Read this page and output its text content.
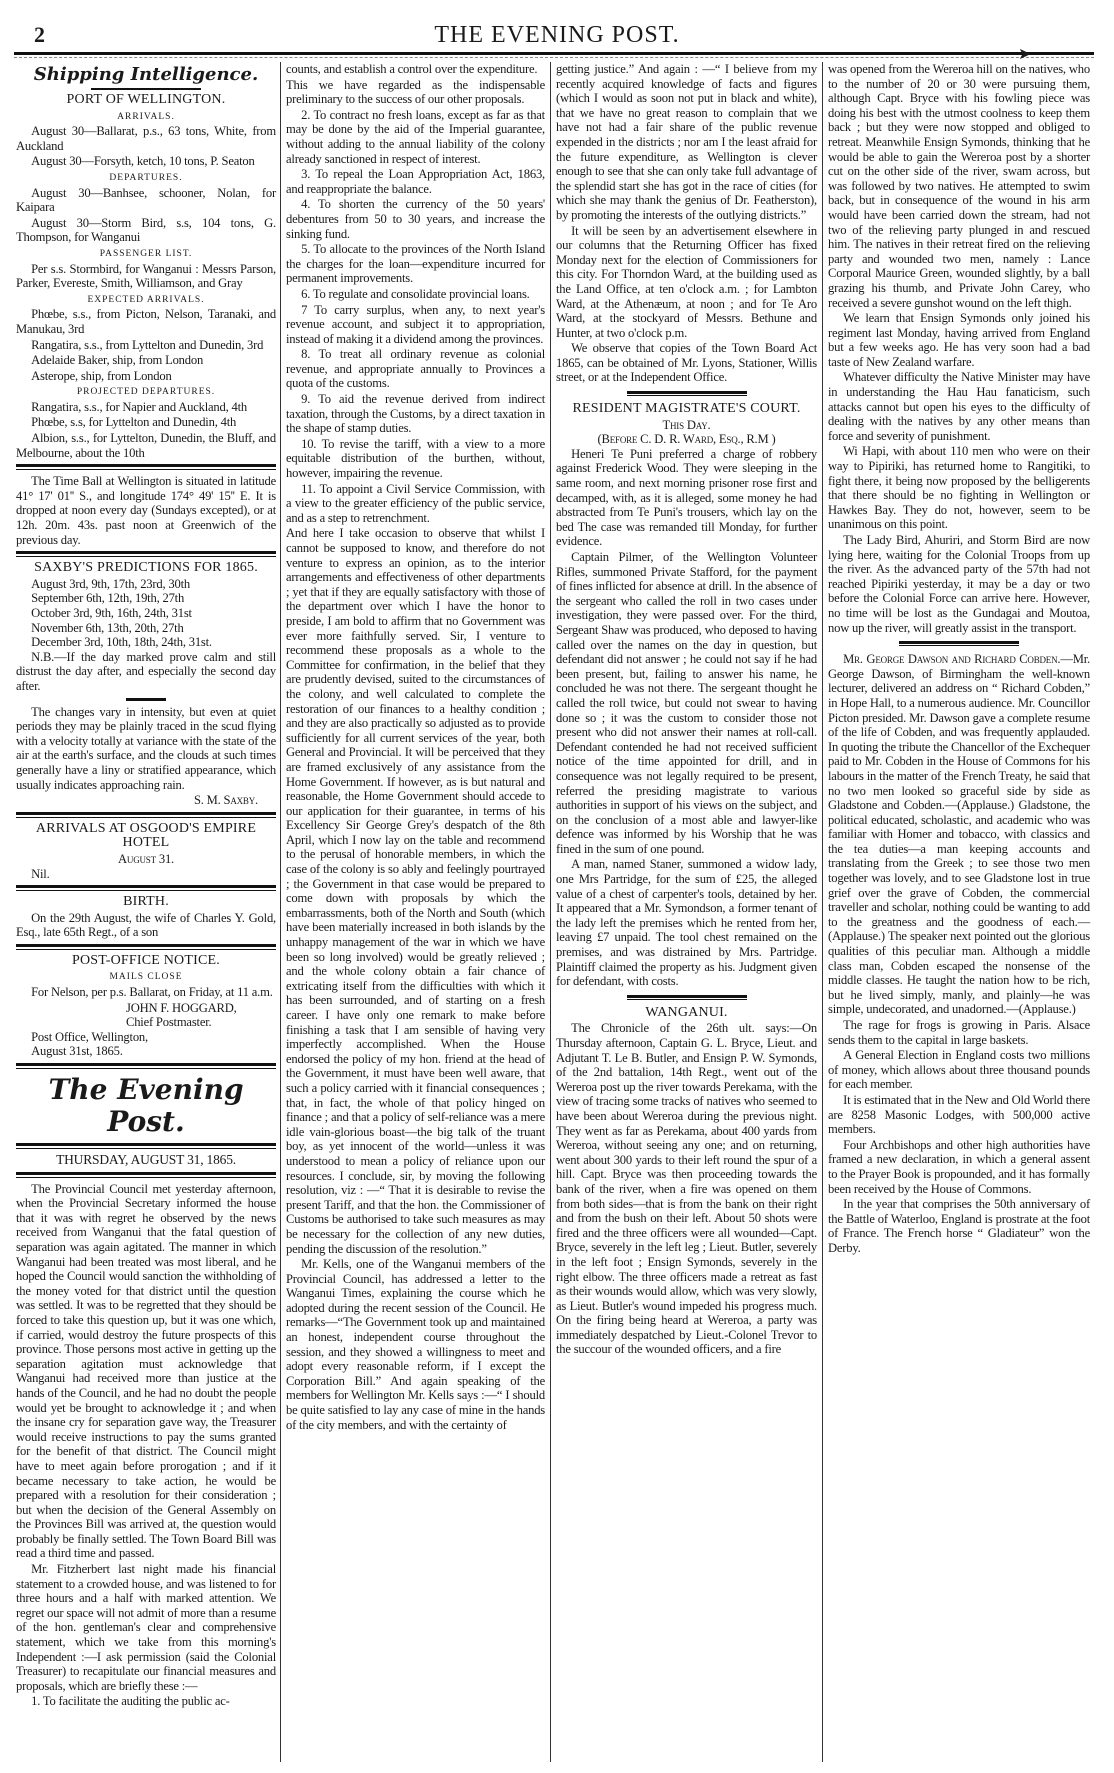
2	THE EVENING POST.
➤
Shipping Intelligence.
PORT OF WELLINGTON.
ARRIVALS.

August 30—Ballarat, p.s., 63 tons, White, from Auckland

August 30—Forsyth, ketch, 10 tons, P. Seaton

DEPARTURES.

August 30—Banhsee, schooner, Nolan, for Kaipara

August 30—Storm Bird, s.s, 104 tons, G. Thompson, for Wanganui

PASSENGER LIST.

Per s.s. Stormbird, for Wanganui : Messrs Parson, Parker, Evereste, Smith, Williamson, and Gray

EXPECTED ARRIVALS.

Phœbe, s.s., from Picton, Nelson, Taranaki, and Manukau, 3rd

Rangatira, s.s., from Lyttelton and Dunedin, 3rd

Adelaide Baker, ship, from London

Asterope, ship, from London

PROJECTED DEPARTURES.

Rangatira, s.s., for Napier and Auckland, 4th

Phœbe, s.s, for Lyttelton and Dunedin, 4th

Albion, s.s., for Lyttelton, Dunedin, the Bluff, and Melbourne, about the 10th

The Time Ball at Wellington is situated in latitude 41° 17' 01'' S., and longitude 174° 49' 15'' E. It is dropped at noon every day (Sundays excepted), or at 12h. 20m. 43s. past noon at Greenwich of the previous day.

SAXBY'S PREDICTIONS FOR 1865.
August 3rd, 9th, 17th, 23rd, 30th
September 6th, 12th, 19th, 27th
October 3rd, 9th, 16th, 24th, 31st
November 6th, 13th, 20th, 27th
December 3rd, 10th, 18th, 24th, 31st.

N.B.—If the day marked prove calm and still distrust the day after, and especially the second day after.

The changes vary in intensity, but even at quiet periods they may be plainly traced in the scud flying with a velocity totally at variance with the state of the air at the earth's surface, and the clouds at such times generally have a liny or stratified appearance, which usually indicates approaching rain.

S. M. Saxby.
ARRIVALS AT OSGOOD'S EMPIRE HOTEL
August 31.

Nil.

BIRTH.

On the 29th August, the wife of Charles Y. Gold, Esq., late 65th Regt., of a son

POST-OFFICE NOTICE.
MAILS CLOSE

For Nelson, per p.s. Ballarat, on Friday, at 11 a.m.

JOHN F. HOGGARD,
Chief Postmaster.
Post Office, Wellington,
August 31st, 1865.
The Evening Post.
THURSDAY, AUGUST 31, 1865.

The Provincial Council met yesterday afternoon, when the Provincial Secretary informed the house that it was with regret he observed by the news received from Wanganui that the fatal question of separation was again agitated. The manner in which Wanganui had been treated was most liberal, and he hoped the Council would sanction the withholding of the money voted for that district until the question was settled. It was to be regretted that they should be forced to take this question up, but it was one which, if carried, would destroy the future prospects of this province. Those persons most active in getting up the separation agitation must acknowledge that Wanganui had received more than justice at the hands of the Council, and he had no doubt the people would yet be brought to acknowledge it ; and when the insane cry for separation gave way, the Treasurer would receive instructions to pay the sums granted for the benefit of that district. The Council might have to meet again before prorogation ; and if it became necessary to take action, he would be prepared with a resolution for their consideration ; but when the decision of the General Assembly on the Provinces Bill was arrived at, the question would probably be finally settled. The Town Board Bill was read a third time and passed.

Mr. Fitzherbert last night made his financial statement to a crowded house, and was listened to for three hours and a half with marked attention. We regret our space will not admit of more than a resume of the hon. gentleman's clear and comprehensive statement, which we take from this morning's Independent :—I ask permission (said the Colonial Treasurer) to recapitulate our financial measures and proposals, which are briefly these :—

1. To facilitate the auditing the public ac-

counts, and establish a control over the expenditure.

This we have regarded as the indispensable preliminary to the success of our other proposals.

2. To contract no fresh loans, except as far as that may be done by the aid of the Imperial guarantee, without adding to the annual liability of the colony already sanctioned in respect of interest.

3. To repeal the Loan Appropriation Act, 1863, and reappropriate the balance.

4. To shorten the currency of the 50 years' debentures from 50 to 30 years, and increase the sinking fund.

5. To allocate to the provinces of the North Island the charges for the loan—expenditure incurred for permanent improvements.

6. To regulate and consolidate provincial loans.

7 To carry surplus, when any, to next year's revenue account, and subject it to appropriation, instead of making it a dividend among the provinces.

8. To treat all ordinary revenue as colonial revenue, and appropriate annually to Provinces a quota of the customs.

9. To aid the revenue derived from indirect taxation, through the Customs, by a direct taxation in the shape of stamp duties.

10. To revise the tariff, with a view to a more equitable distribution of the burthen, without, however, impairing the revenue.

11. To appoint a Civil Service Commission, with a view to the greater efficiency of the public service, and as a step to retrenchment.

And here I take occasion to observe that whilst I cannot be supposed to know, and therefore do not venture to express an opinion, as to the interior arrangements and effectiveness of other departments ; yet that if they are equally satisfactory with those of the department over which I have the honor to preside, I am bold to affirm that no Government was ever more faithfully served. Sir, I venture to recommend these proposals as a whole to the Committee for confirmation, in the belief that they are prudently devised, suited to the circumstances of the colony, and well calculated to complete the restoration of our finances to a healthy condition ; and they are also practically so adjusted as to provide sufficiently for all current services of the year, both General and Provincial. It will be perceived that they are framed exclusively of any assistance from the Home Government. If however, as is but natural and reasonable, the Home Government should accede to our application for their guarantee, in terms of his Excellency Sir George Grey's despatch of the 8th April, which I now lay on the table and recommend to the perusal of honorable members, in which the case of the colony is so ably and feelingly pourtrayed ; the Government in that case would be prepared to come down with proposals by which the embarrassments, both of the North and South (which have been materially increased in both islands by the unhappy management of the war in which we have been so long involved) would be greatly relieved ; and the whole colony obtain a fair chance of extricating itself from the difficulties with which it has been surrounded, and of starting on a fresh career. I have only one remark to make before finishing a task that I am sensible of having very imperfectly accomplished. When the House endorsed the policy of my hon. friend at the head of the Government, it must have been well aware, that such a policy carried with it financial consequences ; that, in fact, the whole of that policy hinged on finance ; and that a policy of self-reliance was a mere idle vain-glorious boast—the big talk of the truant boy, as yet innocent of the world—unless it was understood to mean a policy of reliance upon our resources. I conclude, sir, by moving the following resolution, viz : —“ That it is desirable to revise the present Tariff, and that the hon. the Commissioner of Customs be authorised to take such measures as may be necessary for the collection of any new duties, pending the discussion of the resolution.”

Mr. Kells, one of the Wanganui members of the Provincial Council, has addressed a letter to the Wanganui Times, explaining the course which he adopted during the recent session of the Council. He remarks—“The Government took up and maintained an honest, independent course throughout the session, and they showed a willingness to meet and adopt every reasonable reform, if I except the Corporation Bill.” And again speaking of the members for Wellington Mr. Kells says :—“ I should be quite satisfied to lay any case of mine in the hands of the city members, and with the certainty of

getting justice.” And again : —“ I believe from my recently acquired knowledge of facts and figures (which I would as soon not put in black and white), that we have no great reason to complain that we have not had a fair share of the public revenue expended in the districts ; nor am I the least afraid for the future expenditure, as Wellington is clever enough to see that she can only take full advantage of the splendid start she has got in the race of cities (for which she may thank the genius of Dr. Featherston), by promoting the interests of the outlying districts.”

It will be seen by an advertisement elsewhere in our columns that the Returning Officer has fixed Monday next for the election of Commissioners for this city. For Thorndon Ward, at the building used as the Land Office, at ten o'clock a.m. ; for Lambton Ward, at the Athenæum, at noon ; and for Te Aro Ward, at the stockyard of Messrs. Bethune and Hunter, at two o'clock p.m.

We observe that copies of the Town Board Act 1865, can be obtained of Mr. Lyons, Stationer, Willis street, or at the Independent Office.

RESIDENT MAGISTRATE'S COURT.
This Day.
(Before C. D. R. Ward, Esq., R.M )

Heneri Te Puni preferred a charge of robbery against Frederick Wood. They were sleeping in the same room, and next morning prisoner rose first and decamped, with, as it is alleged, some money he had abstracted from Te Puni's trousers, which lay on the bed The case was remanded till Monday, for further evidence.

Captain Pilmer, of the Wellington Volunteer Rifles, summoned Private Stafford, for the payment of fines inflicted for absence at drill. In the absence of the sergeant who called the roll in two cases under investigation, they were passed over. For the third, Sergeant Shaw was produced, who deposed to having called over the names on the day in question, but defendant did not answer ; he could not say if he had been present, but, failing to answer his name, he concluded he was not there. The sergeant thought he called the roll twice, but could not swear to having done so ; it was the custom to consider those not present who did not answer their names at roll-call. Defendant contended he had not received sufficient notice of the time appointed for drill, and in consequence was not legally required to be present, referred the presiding magistrate to various authorities in support of his views on the subject, and on the conclusion of a most able and lawyer-like defence was informed by his Worship that he was fined in the sum of one pound.

A man, named Staner, summoned a widow lady, one Mrs Partridge, for the sum of £25, the alleged value of a chest of carpenter's tools, detained by her. It appeared that a Mr. Symondson, a former tenant of the lady left the premises which he rented from her, leaving £7 unpaid. The tool chest remained on the premises, and was distrained by Mrs. Partridge. Plaintiff claimed the property as his. Judgment given for defendant, with costs.

WANGANUI.

The Chronicle of the 26th ult. says:—On Thursday afternoon, Captain G. L. Bryce, Lieut. and Adjutant T. Le B. Butler, and Ensign P. W. Symonds, of the 2nd battalion, 14th Regt., went out of the Wereroa post up the river towards Perekama, with the view of tracing some tracks of natives who seemed to have been about Wereroa during the previous night. They went as far as Perekama, about 400 yards from Wereroa, without seeing any one; and on returning, went about 300 yards to their left round the spur of a hill. Capt. Bryce was then proceeding towards the bank of the river, when a fire was opened on them from both sides—that is from the bank on their right and from the bush on their left. About 50 shots were fired and the three officers were all wounded—Capt. Bryce, severely in the left leg ; Lieut. Butler, severely in the left foot ; Ensign Symonds, severely in the right elbow. The three officers made a retreat as fast as their wounds would allow, which was very slowly, as Lieut. Butler's wound impeded his progress much. On the firing being heard at Wereroa, a party was immediately despatched by Lieut.-Colonel Trevor to the succour of the wounded officers, and a fire

was opened from the Wereroa hill on the natives, who to the number of 20 or 30 were pursuing them, although Capt. Bryce with his fowling piece was doing his best with the utmost coolness to keep them back ; but they were now stopped and obliged to retreat. Meanwhile Ensign Symonds, thinking that he would be able to gain the Wereroa post by a shorter cut on the other side of the river, swam across, but was followed by two natives. He attempted to swim back, but in consequence of the wound in his arm would have been carried down the stream, had not two of the relieving party plunged in and rescued him. The natives in their retreat fired on the relieving party and wounded two men, namely : Lance Corporal Maurice Green, wounded slightly, by a ball grazing his thumb, and Private John Carey, who received a severe gunshot wound on the left thigh.

We learn that Ensign Symonds only joined his regiment last Monday, having arrived from England but a few weeks ago. He has very soon had a bad taste of New Zealand warfare.

Whatever difficulty the Native Minister may have in understanding the Hau Hau fanaticism, such attacks cannot but open his eyes to the difficulty of dealing with the natives by any other means than force and severity of punishment.

Wi Hapi, with about 110 men who were on their way to Pipiriki, has returned home to Rangitiki, to fight there, it being now proposed by the belligerents that there should be no fighting in Wellington or Hawkes Bay. They do not, however, seem to be unanimous on this point.

The Lady Bird, Ahuriri, and Storm Bird are now lying here, waiting for the Colonial Troops from up the river. As the advanced party of the 57th had not reached Pipiriki yesterday, it may be a day or two before the Colonial Force can arrive here. However, no time will be lost as the Gundagai and Moutoa, now up the river, will greatly assist in the transport.

Mr. George Dawson and Richard Cobden.—Mr. George Dawson, of Birmingham the well-known lecturer, delivered an address on “ Richard Cobden,” in Hope Hall, to a numerous audience. Mr. Councillor Picton presided. Mr. Dawson gave a complete resume of the life of Cobden, and was frequently applauded. In quoting the tribute the Chancellor of the Exchequer paid to Mr. Cobden in the House of Commons for his labours in the matter of the French Treaty, he said that no two men looked so graceful side by side as Gladstone and Cobden.—(Applause.) Gladstone, the political educated, scholastic, and academic who was familiar with Homer and tobacco, with classics and the tea duties—a man keeping accounts and translating from the Greek ; to see those two men together was lovely, and to see Gladstone lost in true grief over the grave of Cobden, the commercial traveller and scholar, nothing could be wanting to add to the greatness and the goodness of each.—(Applause.) The speaker next pointed out the glorious qualities of this peculiar man. Although a middle class man, Cobden escaped the nonsense of the middle classes. He taught the nation how to be rich, but he lived simply, manly, and plainly—he was simple, undecorated, and unadorned.—(Applause.)

The rage for frogs is growing in Paris. Alsace sends them to the capital in large baskets.

A General Election in England costs two millions of money, which allows about three thousand pounds for each member.

It is estimated that in the New and Old World there are 8258 Masonic Lodges, with 500,000 active members.

Four Archbishops and other high authorities have framed a new declaration, in which a general assent to the Prayer Book is propounded, and it has formally been received by the House of Commons.

In the year that comprises the 50th anniversary of the Battle of Waterloo, England is prostrate at the foot of France. The French horse “ Gladiateur” won the Derby.
